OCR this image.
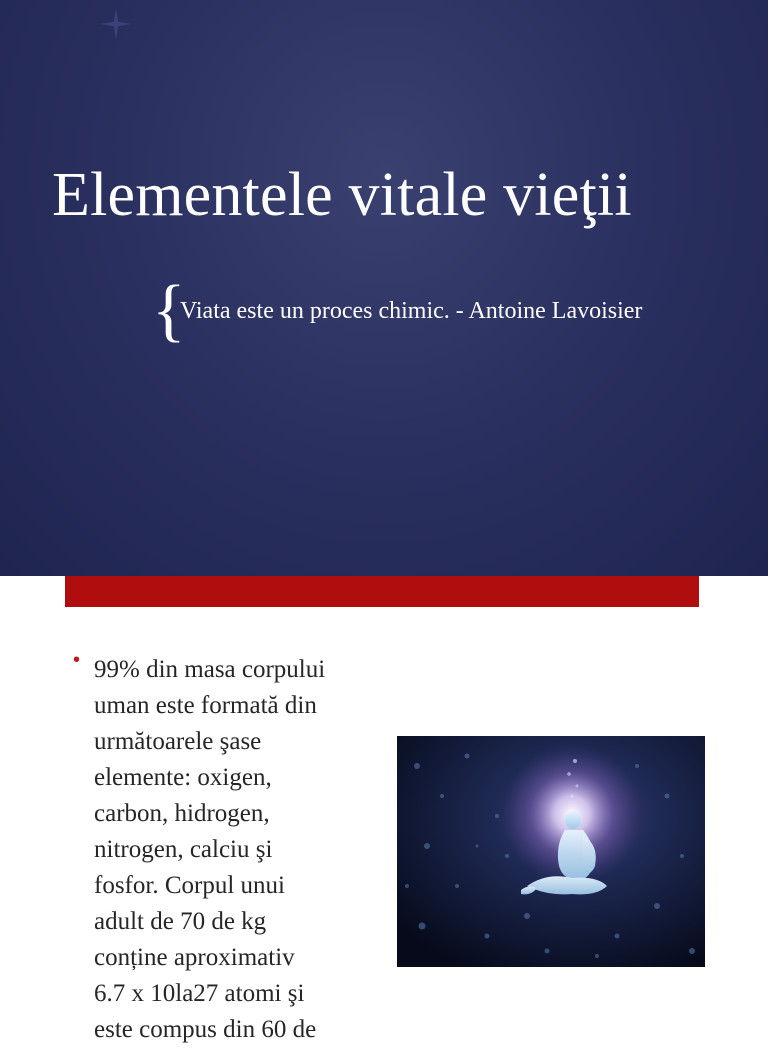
Elementele vitale vieţii
{
Viata este un proces chimic. - Antoine Lavoisier
• 99% din masa corpului
uman este formată din
următoarele şase
elemente: oxigen,
carbon, hidrogen,
nitrogen, calciu şi
fosfor. Corpul unui
adult de 70 de kg
conține aproximativ
6.7 x 10la27 atomi şi
este compus din 60 de
